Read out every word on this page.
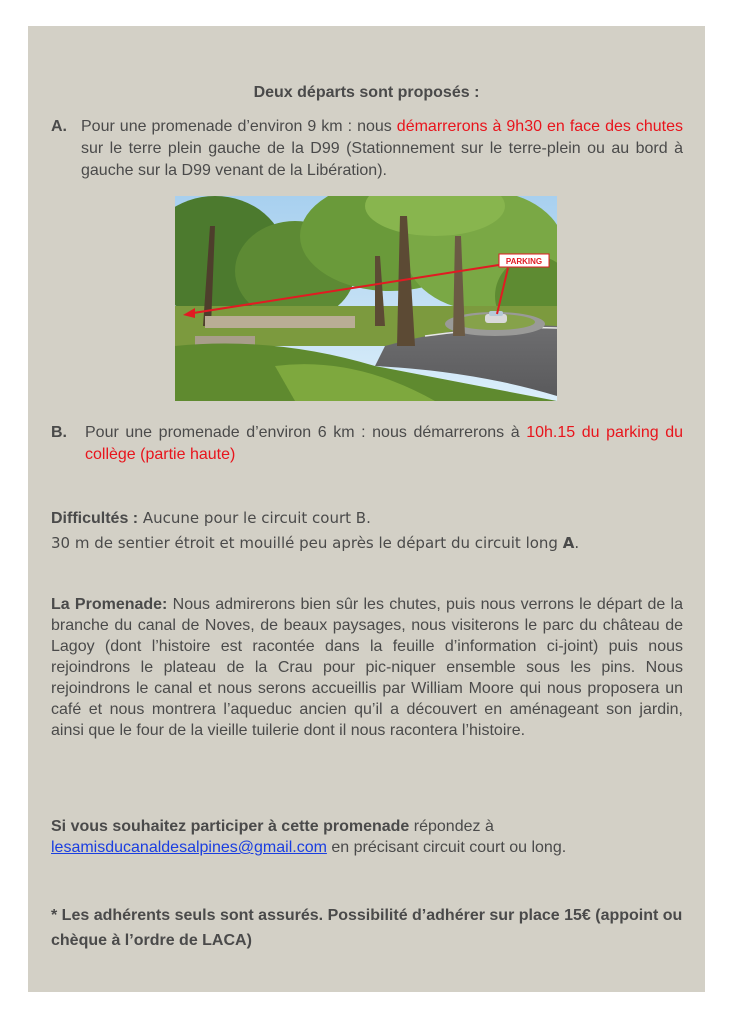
Deux départs sont proposés :
A. Pour une promenade d’environ 9 km : nous démarrerons à 9h30 en face des chutes sur le terre plein gauche de la D99 (Stationnement sur le terre-plein ou au bord à gauche sur la D99 venant de la Libération).
PARKING
B. Pour une promenade d’environ 6 km : nous démarrerons à 10h.15 du parking du collège (partie haute)
Difficultés : Aucune pour le circuit court B.
30 m de sentier étroit et mouillé peu après le départ du circuit long A.
La Promenade: Nous admirerons bien sûr les chutes, puis nous verrons le départ de la branche du canal de Noves, de beaux paysages, nous visiterons le parc du château de Lagoy (dont l’histoire est racontée dans la feuille d’information ci-joint) puis nous rejoindrons le plateau de la Crau pour pic-niquer ensemble sous les pins. Nous rejoindrons le canal et nous serons accueillis par William Moore qui nous proposera un café et nous montrera l’aqueduc ancien qu’il a découvert en aménageant son jardin, ainsi que le four de la vieille tuilerie dont il nous racontera l’histoire.
Si vous souhaitez participer à cette promenade répondez à
lesamisducanaldesalpines@gmail.com en précisant circuit court ou long.
* Les adhérents seuls sont assurés. Possibilité d’adhérer sur place 15€ (appoint ou chèque à l’ordre de LACA)
